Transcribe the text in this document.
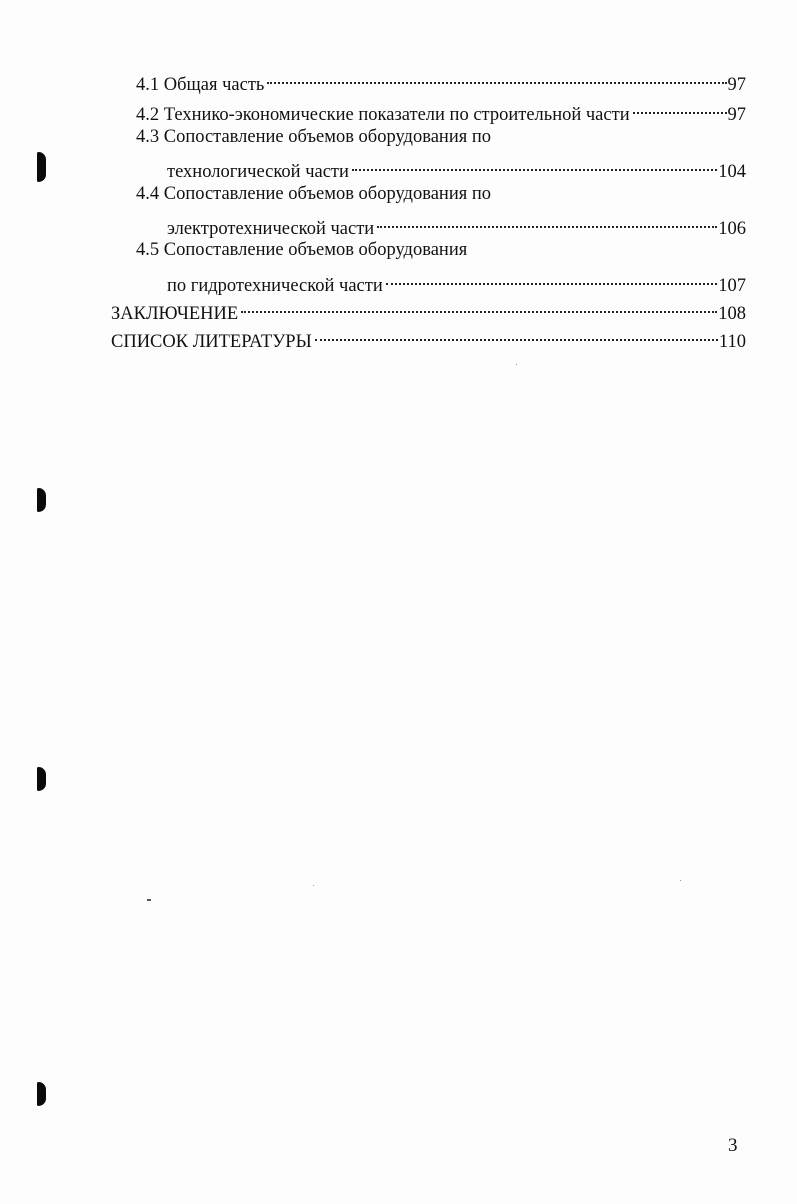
4.1 Общая часть	97
4.2 Технико-экономические показатели по строительной части	97
4.3 Сопоставление объемов оборудования по
технологической части	104
4.4 Сопоставление объемов оборудования по
электротехнической части	106
4.5 Сопоставление объемов оборудования
по гидротехнической части	107
ЗАКЛЮЧЕНИЕ	108
СПИСОК ЛИТЕРАТУРЫ	110
3
